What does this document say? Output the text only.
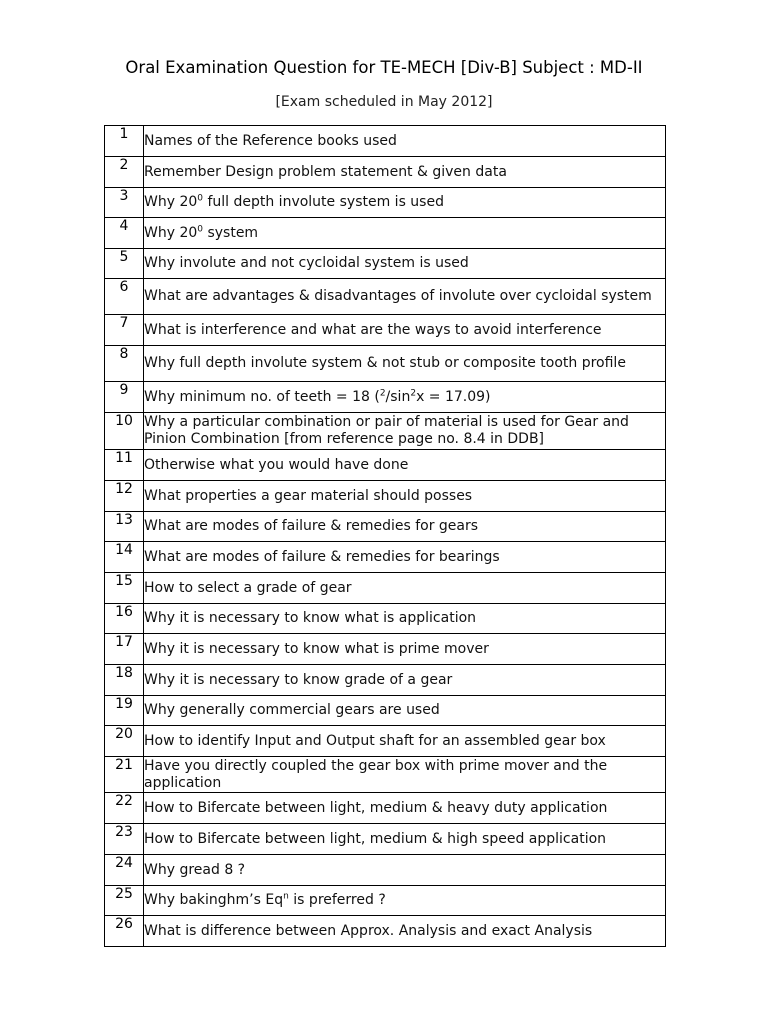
Oral Examination Question for TE-MECH [Div-B] Subject : MD-II
[Exam scheduled in May 2012]
1	Names of the Reference books used
2	Remember Design problem statement & given data
3	Why $20^0$ full depth involute system is used
4	Why $20^0$ system
5	Why involute and not cycloidal system is used
6	What are advantages & disadvantages of involute over cycloidal system
7	What is interference and what are the ways to avoid interference
8	Why full depth involute system & not stub or composite tooth profile
9	Why minimum no. of teeth = 18 $(^2/\sin^2x = 17.09)$
10	Why a particular combination or pair of material is used for Gear and Pinion Combination [from reference page no. 8.4 in DDB]
11	Otherwise what you would have done
12	What properties a gear material should posses
13	What are modes of failure & remedies for gears
14	What are modes of failure & remedies for bearings
15	How to select a grade of gear
16	Why it is necessary to know what is application
17	Why it is necessary to know what is prime mover
18	Why it is necessary to know grade of a gear
19	Why generally commercial gears are used
20	How to identify Input and Output shaft for an assembled gear box
21	Have you directly coupled the gear box with prime mover and the application
22	How to Bifercate between light, medium & heavy duty application
23	How to Bifercate between light, medium & high speed application
24	Why gread 8 ?
25	Why bakinghm’s Eq$^n$ is preferred ?
26	What is difference between Approx. Analysis and exact Analysis
